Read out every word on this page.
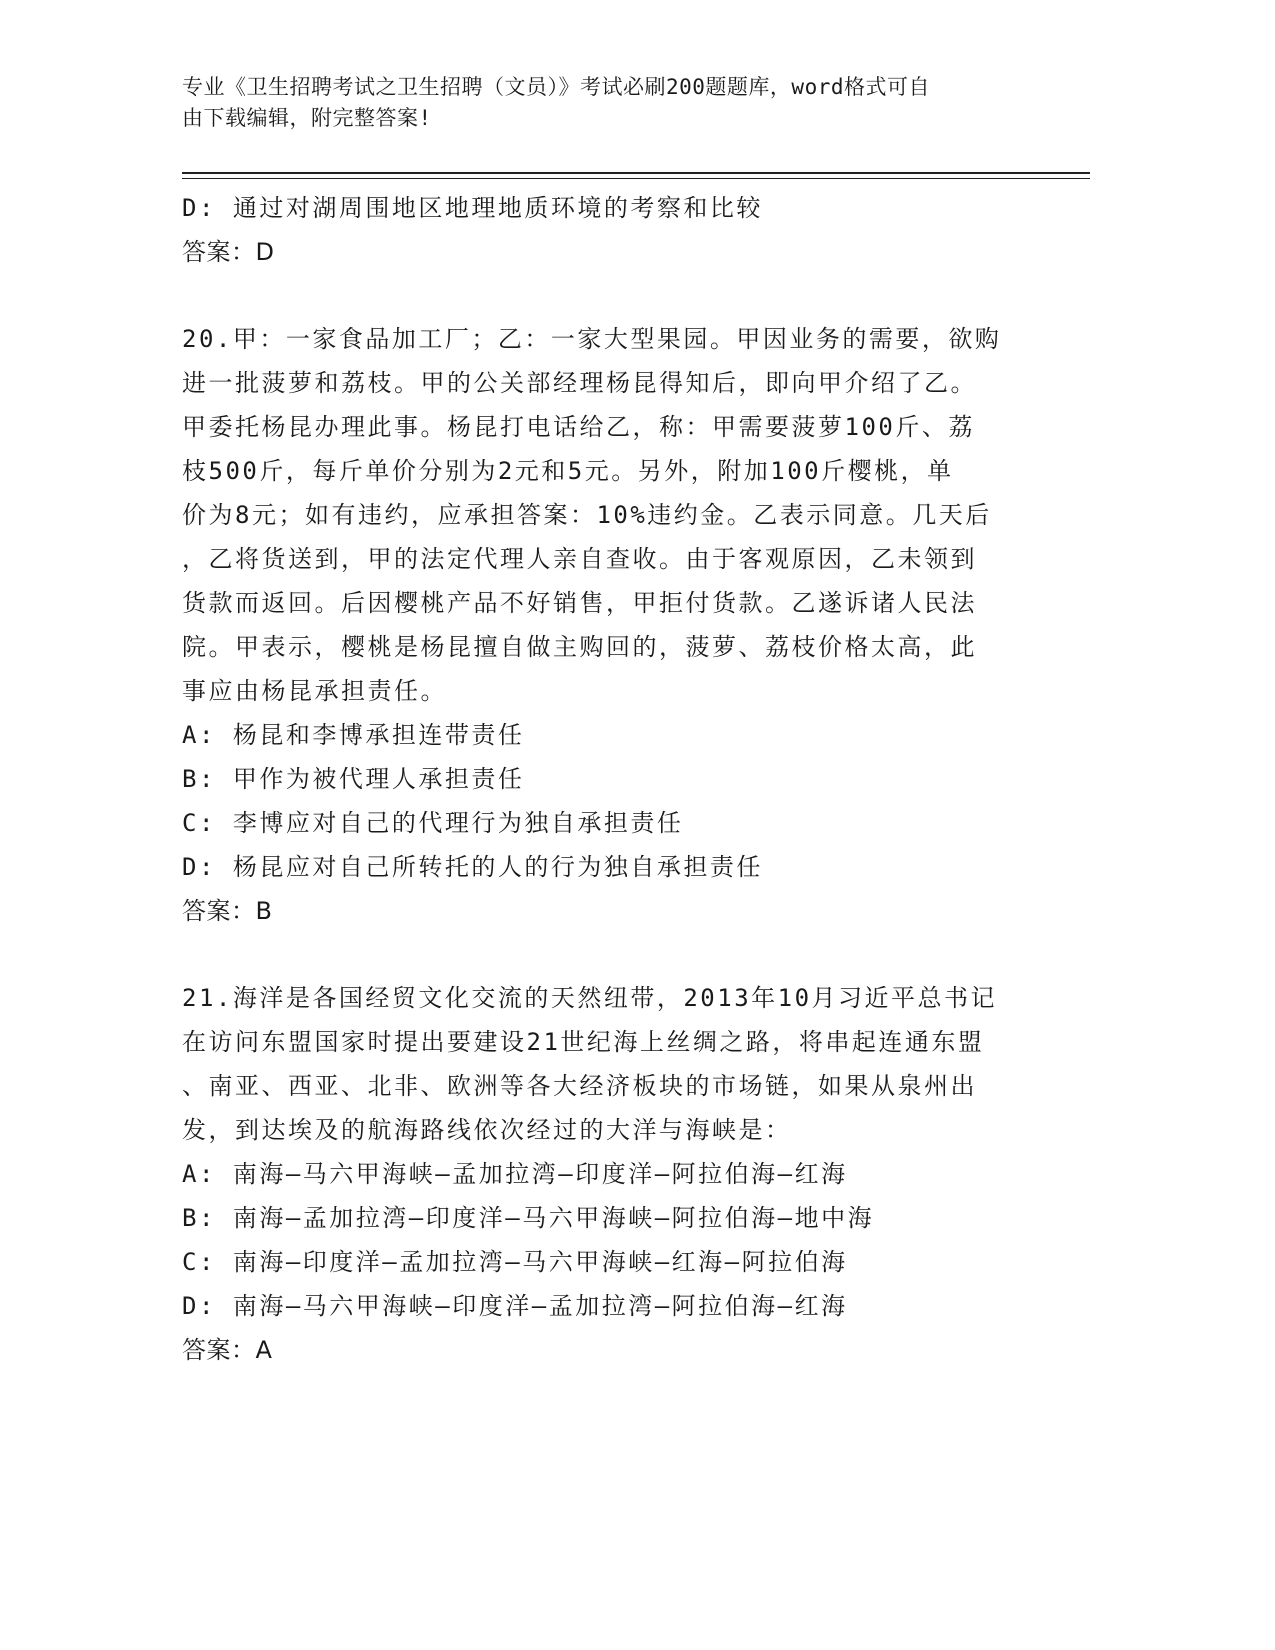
专业《卫生招聘考试之卫生招聘（文员）》考试必刷200题题库，word格式可自
由下载编辑，附完整答案!
D: 通过对湖周围地区地理地质环境的考察和比较
答案：D
20.甲：一家食品加工厂；乙：一家大型果园。甲因业务的需要，欲购
进一批菠萝和荔枝。甲的公关部经理杨昆得知后，即向甲介绍了乙。
甲委托杨昆办理此事。杨昆打电话给乙，称：甲需要菠萝100斤、荔
枝500斤，每斤单价分别为2元和5元。另外，附加100斤樱桃，单
价为8元；如有违约，应承担答案：10%违约金。乙表示同意。几天后
，乙将货送到，甲的法定代理人亲自查收。由于客观原因，乙未领到
货款而返回。后因樱桃产品不好销售，甲拒付货款。乙遂诉诸人民法
院。甲表示，樱桃是杨昆擅自做主购回的，菠萝、荔枝价格太高，此
事应由杨昆承担责任。
A: 杨昆和李博承担连带责任
B: 甲作为被代理人承担责任
C: 李博应对自己的代理行为独自承担责任
D: 杨昆应对自己所转托的人的行为独自承担责任
答案：B
21.海洋是各国经贸文化交流的天然纽带，2013年10月习近平总书记
在访问东盟国家时提出要建设21世纪海上丝绸之路，将串起连通东盟
、南亚、西亚、北非、欧洲等各大经济板块的市场链，如果从泉州出
发，到达埃及的航海路线依次经过的大洋与海峡是：
A: 南海—马六甲海峡—孟加拉湾—印度洋—阿拉伯海—红海
B: 南海—孟加拉湾—印度洋—马六甲海峡—阿拉伯海—地中海
C: 南海—印度洋—孟加拉湾—马六甲海峡—红海—阿拉伯海
D: 南海—马六甲海峡—印度洋—孟加拉湾—阿拉伯海—红海
答案：A
